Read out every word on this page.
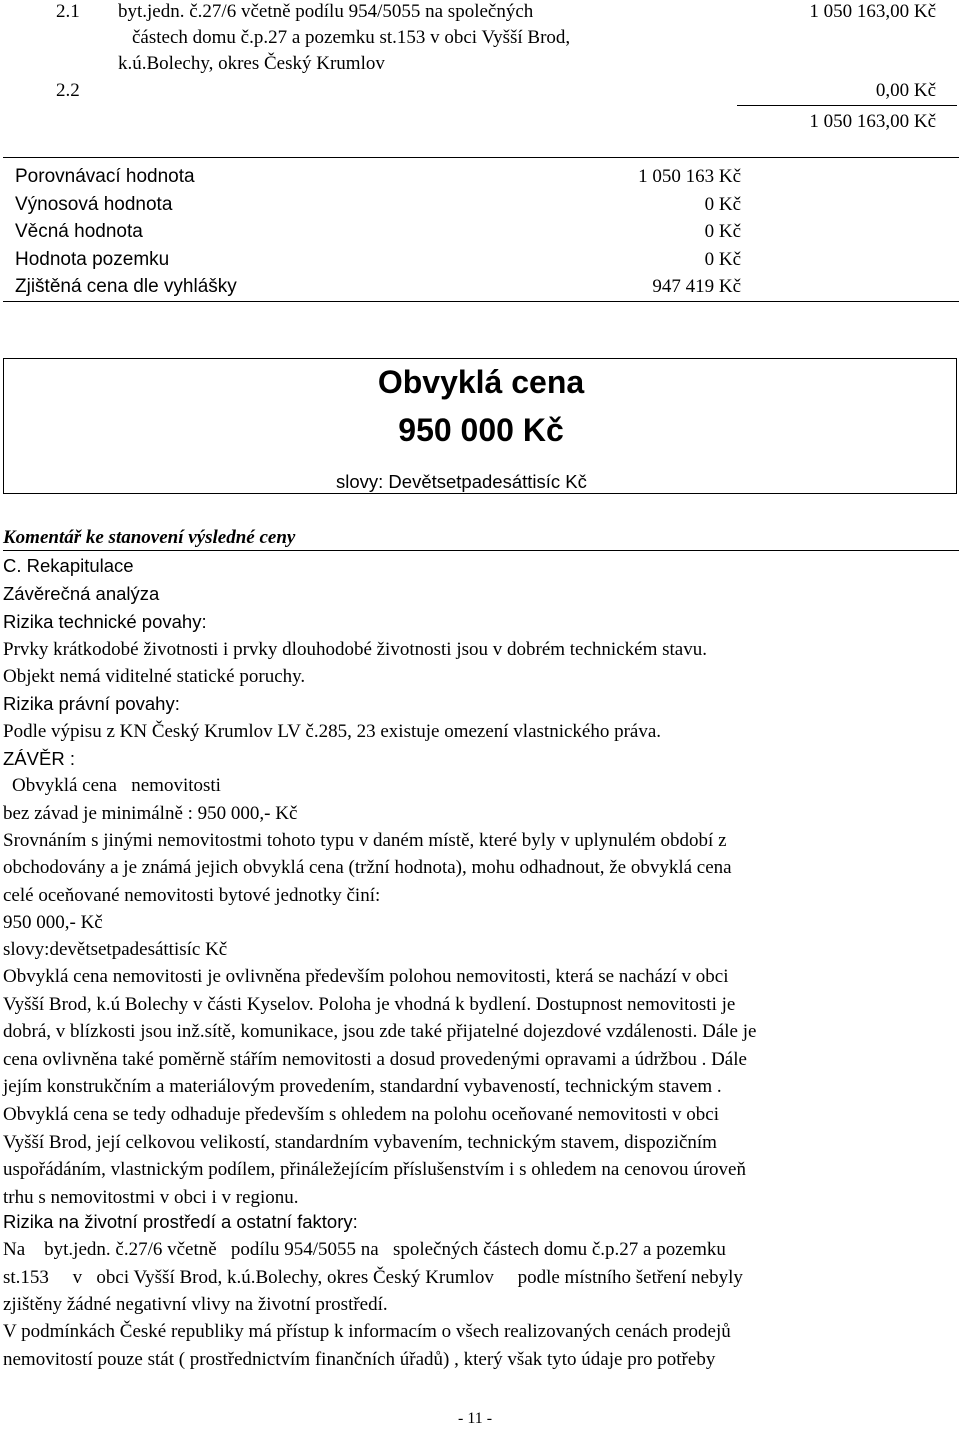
2.1 byt.jedn. č.27/6 včetně podílu 954/5055 na společných
částech domu č.p.27 a pozemku st.153 v obci Vyšší Brod,
k.ú.Bolechy, okres Český Krumlov
1 050 163,00 Kč
2.2	0,00 Kč
1 050 163,00 Kč
Porovnávací hodnota	1 050 163 Kč
Výnosová hodnota	0 Kč
Věcná hodnota	0 Kč
Hodnota pozemku	0 Kč
Zjištěná cena dle vyhlášky	947 419 Kč
Obvyklá cena
950 000 Kč
slovy: Devětsetpadesáttisíc Kč
Komentář ke stanovení výsledné ceny
C. Rekapitulace
Závěrečná analýza
Rizika technické povahy:
Prvky krátkodobé životnosti i prvky dlouhodobé životnosti jsou v dobrém technickém stavu.
Objekt nemá viditelné statické poruchy.
Rizika právní povahy:
Podle výpisu z KN Český Krumlov LV č.285, 23 existuje omezení vlastnického práva.
ZÁVĚR :
Obvyklá cena   nemovitosti
bez závad je minimálně : 950 000,- Kč
Srovnáním s jinými nemovitostmi tohoto typu v daném místě, které byly v uplynulém období z
obchodovány a je známá jejich obvyklá cena (tržní hodnota), mohu odhadnout, že obvyklá cena
celé oceňované nemovitosti bytové jednotky činí:
950 000,- Kč
slovy:devětsetpadesáttisíc Kč
Obvyklá cena nemovitosti je ovlivněna především polohou nemovitosti, která se nachází v obci
Vyšší Brod, k.ú Bolechy v části Kyselov. Poloha je vhodná k bydlení. Dostupnost nemovitosti je
dobrá, v blízkosti jsou inž.sítě, komunikace, jsou zde také přijatelné dojezdové vzdálenosti. Dále je
cena ovlivněna také poměrně stářím nemovitosti a dosud provedenými opravami a údržbou . Dále
jejím konstrukčním a materiálovým provedením, standardní vybaveností, technickým stavem .
Obvyklá cena se tedy odhaduje především s ohledem na polohu oceňované nemovitosti v obci
Vyšší Brod, její celkovou velikostí, standardním vybavením, technickým stavem, dispozičním
uspořádáním, vlastnickým podílem, přináležejícím příslušenstvím i s ohledem na cenovou úroveň
trhu s nemovitostmi v obci i v regionu.
Rizika na životní prostředí a ostatní faktory:
Na    byt.jedn. č.27/6 včetně   podílu 954/5055 na   společných částech domu č.p.27 a pozemku
st.153     v   obci Vyšší Brod, k.ú.Bolechy, okres Český Krumlov     podle místního šetření nebyly
zjištěny žádné negativní vlivy na životní prostředí.
V podmínkách České republiky má přístup k informacím o všech realizovaných cenách prodejů
nemovitostí pouze stát ( prostřednictvím finančních úřadů) , který však tyto údaje pro potřeby
- 11 -
